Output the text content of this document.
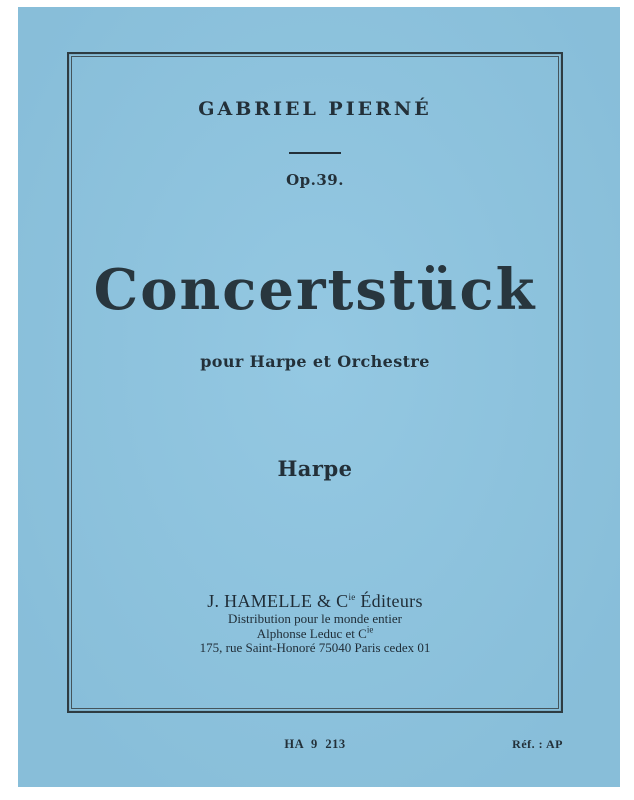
GABRIEL PIERNÉ
Op.39.
Concertstück
pour Harpe et Orchestre
Harpe
J. HAMELLE & $C^{ie}$ Éditeurs
Distribution pour le monde entier
Alphonse Leduc et $C^{ie}$
175, rue Saint-Honoré 75040 Paris cedex 01
HA 9 213	Réf. : AP
